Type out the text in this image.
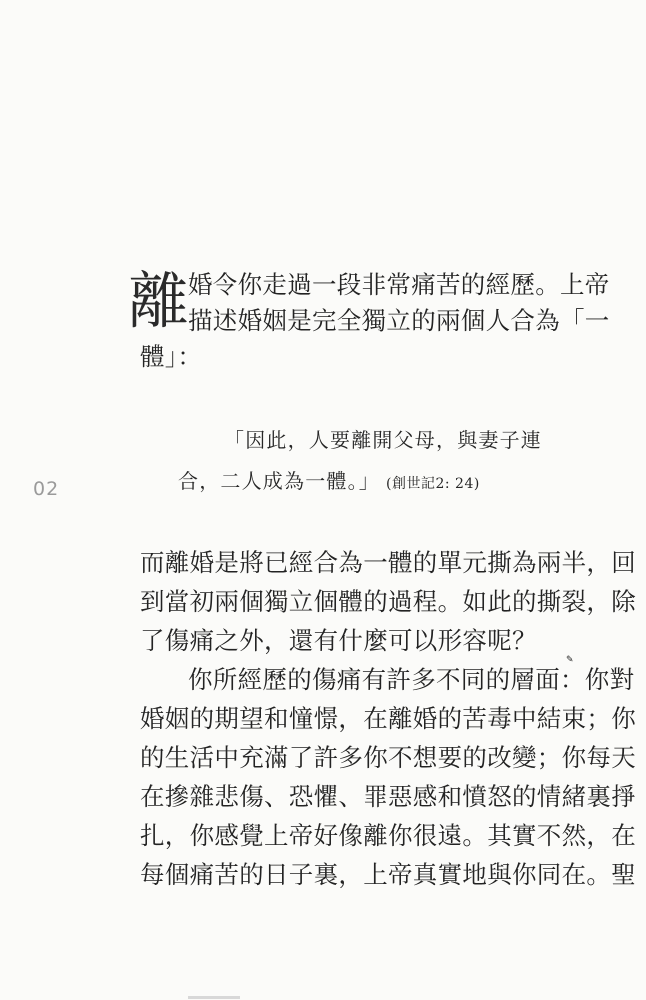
離
婚令你走過一段非常痛苦的經歷。上帝
描述婚姻是完全獨立的兩個人合為「一
體」：
「因此，人要離開父母，與妻子連
合，二人成為一體。」 (創世記2: 24)
02
而離婚是將已經合為一體的單元撕為兩半，回
到當初兩個獨立個體的過程。如此的撕裂，除
了傷痛之外，還有什麼可以形容呢？
✎
你所經歷的傷痛有許多不同的層面：你對
婚姻的期望和憧憬，在離婚的苦毒中結束；你
的生活中充滿了許多你不想要的改變；你每天
在摻雜悲傷、恐懼、罪惡感和憤怒的情緒裏掙
扎，你感覺上帝好像離你很遠。其實不然，在
每個痛苦的日子裏，上帝真實地與你同在。聖
